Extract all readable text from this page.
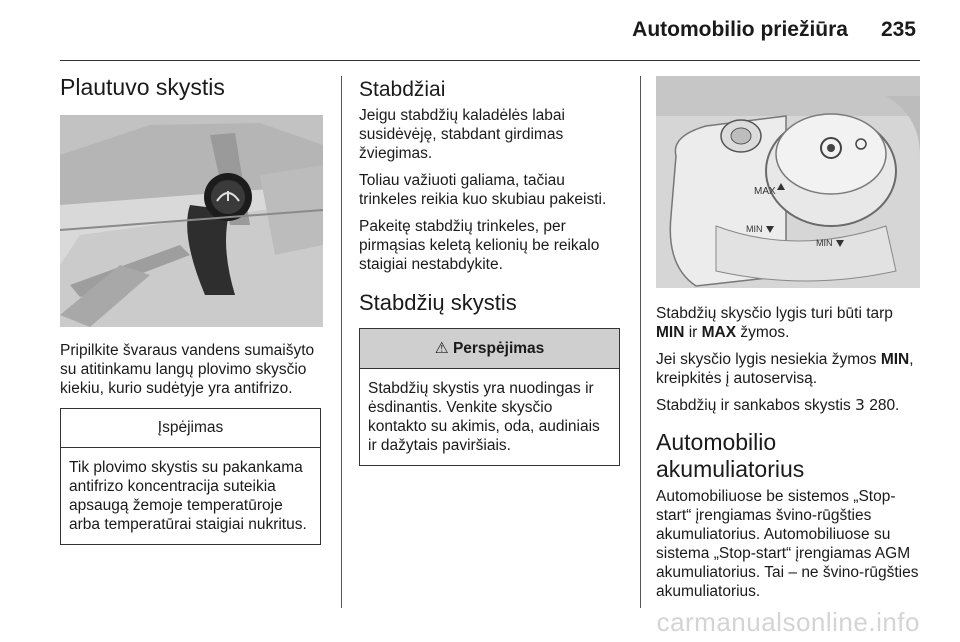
Automobilio priežiūra 235
Plautuvo skystis

Pripilkite švaraus vandens sumaišyto su atitinkamu langų plovimo skysčio kiekiu, kurio sudėtyje yra antifrizo.

Įspėjimas
Tik plovimo skystis su pakankama antifrizo koncentracija suteikia apsaugą žemoje temperatūroje arba temperatūrai staigiai nukritus.
Stabdžiai

Jeigu stabdžių kaladėlės labai susidėvėję, stabdant girdimas žviegimas.

Toliau važiuoti galiama, tačiau trinkeles reikia kuo skubiau pakeisti.

Pakeitę stabdžių trinkeles, per pirmąsias keletą kelionių be reikalo staigiai nestabdykite.

Stabdžių skystis
⚠ Perspėjimas
Stabdžių skystis yra nuodingas ir ėsdinantis. Venkite skysčio kontakto su akimis, oda, audiniais ir dažytais paviršiais.
MAX
MIN
MIN

Stabdžių skysčio lygis turi būti tarp MIN ir MAX žymos.

Jei skysčio lygis nesiekia žymos MIN, kreipkitės į autoservisą.

Stabdžių ir sankabos skystis 3 280.

Automobilio
akumuliatorius

Automobiliuose be sistemos „Stop-start“ įrengiamas švino-rūgšties akumuliatorius. Automobiliuose su sistema „Stop-start“ įrengiamas AGM akumuliatorius. Tai – ne švino-rūgšties akumuliatorius.

carmanualsonline.info
